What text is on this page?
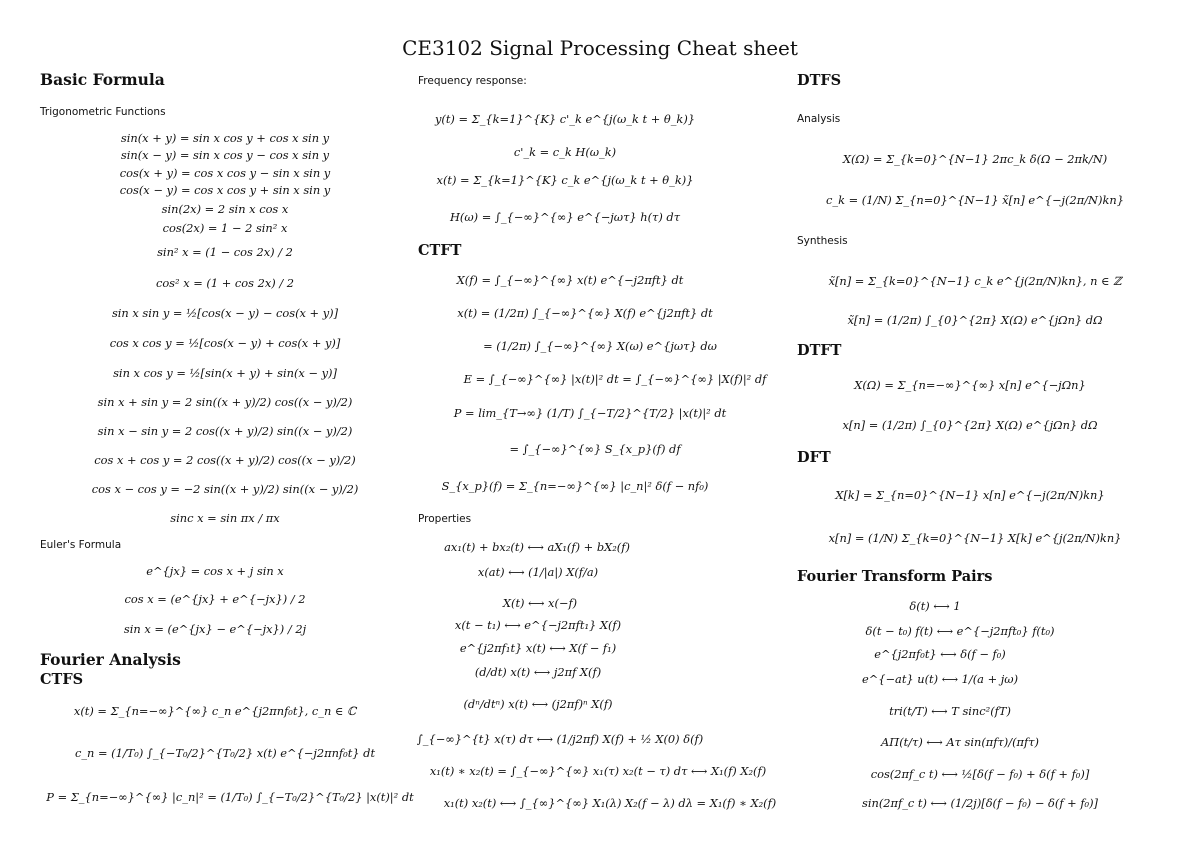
CE3102 Signal Processing Cheat sheet
Basic Formula
Trigonometric Functions
sin(x + y) = sin x cos y + cos x sin y
sin(x − y) = sin x cos y − cos x sin y
cos(x + y) = cos x cos y − sin x sin y
cos(x − y) = cos x cos y + sin x sin y
sin(2x) = 2 sin x cos x
cos(2x) = 1 − 2 sin² x
sin² x = (1 − cos 2x) / 2
cos² x = (1 + cos 2x) / 2
sin x sin y = ½[cos(x − y) − cos(x + y)]
cos x cos y = ½[cos(x − y) + cos(x + y)]
sin x cos y = ½[sin(x + y) + sin(x − y)]
sin x + sin y = 2 sin((x + y)/2) cos((x − y)/2)
sin x − sin y = 2 cos((x + y)/2) sin((x − y)/2)
cos x + cos y = 2 cos((x + y)/2) cos((x − y)/2)
cos x − cos y = −2 sin((x + y)/2) sin((x − y)/2)
sinc x = sin πx / πx
Euler's Formula
e^{jx} = cos x + j sin x
cos x = (e^{jx} + e^{−jx}) / 2
sin x = (e^{jx} − e^{−jx}) / 2j
Fourier Analysis
CTFS
x(t) = Σ_{n=−∞}^{∞} c_n e^{j2πnf₀t}, c_n ∈ ℂ
c_n = (1/T₀) ∫_{−T₀/2}^{T₀/2} x(t) e^{−j2πnf₀t} dt
P = Σ_{n=−∞}^{∞} |c_n|² = (1/T₀) ∫_{−T₀/2}^{T₀/2} |x(t)|² dt
Frequency response:
y(t) = Σ_{k=1}^{K} c'_k e^{j(ω_k t + θ_k)}
c'_k = c_k H(ω_k)
x(t) = Σ_{k=1}^{K} c_k e^{j(ω_k t + θ_k)}
H(ω) = ∫_{−∞}^{∞} e^{−jωτ} h(τ) dτ
CTFT
X(f) = ∫_{−∞}^{∞} x(t) e^{−j2πft} dt
x(t) = (1/2π) ∫_{−∞}^{∞} X(f) e^{j2πft} dt
= (1/2π) ∫_{−∞}^{∞} X(ω) e^{jωτ} dω
E = ∫_{−∞}^{∞} |x(t)|² dt = ∫_{−∞}^{∞} |X(f)|² df
P = lim_{T→∞} (1/T) ∫_{−T/2}^{T/2} |x(t)|² dt
= ∫_{−∞}^{∞} S_{x_p}(f) df
S_{x_p}(f) = Σ_{n=−∞}^{∞} |c_n|² δ(f − nf₀)
Properties
ax₁(t) + bx₂(t) ⟷ aX₁(f) + bX₂(f)
x(at) ⟷ (1/|a|) X(f/a)
X(t) ⟷ x(−f)
x(t − t₁) ⟷ e^{−j2πft₁} X(f)
e^{j2πf₁t} x(t) ⟷ X(f − f₁)
(d/dt) x(t) ⟷ j2πf X(f)
(dⁿ/dtⁿ) x(t) ⟷ (j2πf)ⁿ X(f)
∫_{−∞}^{t} x(τ) dτ ⟷ (1/j2πf) X(f) + ½ X(0) δ(f)
x₁(t) ∗ x₂(t) = ∫_{−∞}^{∞} x₁(τ) x₂(t − τ) dτ ⟷ X₁(f) X₂(f)
x₁(t) x₂(t) ⟷ ∫_{∞}^{∞} X₁(λ) X₂(f − λ) dλ = X₁(f) ∗ X₂(f)
DTFS
Analysis
X(Ω) = Σ_{k=0}^{N−1} 2πc_k δ(Ω − 2πk/N)
c_k = (1/N) Σ_{n=0}^{N−1} x̃[n] e^{−j(2π/N)kn}
Synthesis
x̃[n] = Σ_{k=0}^{N−1} c_k e^{j(2π/N)kn}, n ∈ ℤ
x̃[n] = (1/2π) ∫_{0}^{2π} X(Ω) e^{jΩn} dΩ
DTFT
X(Ω) = Σ_{n=−∞}^{∞} x[n] e^{−jΩn}
x[n] = (1/2π) ∫_{0}^{2π} X(Ω) e^{jΩn} dΩ
DFT
X[k] = Σ_{n=0}^{N−1} x[n] e^{−j(2π/N)kn}
x[n] = (1/N) Σ_{k=0}^{N−1} X[k] e^{j(2π/N)kn}
Fourier Transform Pairs
δ(t) ⟷ 1
δ(t − t₀) f(t) ⟷ e^{−j2πft₀} f(t₀)
e^{j2πf₀t} ⟷ δ(f − f₀)
e^{−at} u(t) ⟷ 1/(a + jω)
tri(t/T) ⟷ T sinc²(fT)
AΠ(t/τ) ⟷ Aτ sin(πfτ)/(πfτ)
cos(2πf_c t) ⟷ ½[δ(f − f₀) + δ(f + f₀)]
sin(2πf_c t) ⟷ (1/2j)[δ(f − f₀) − δ(f + f₀)]
